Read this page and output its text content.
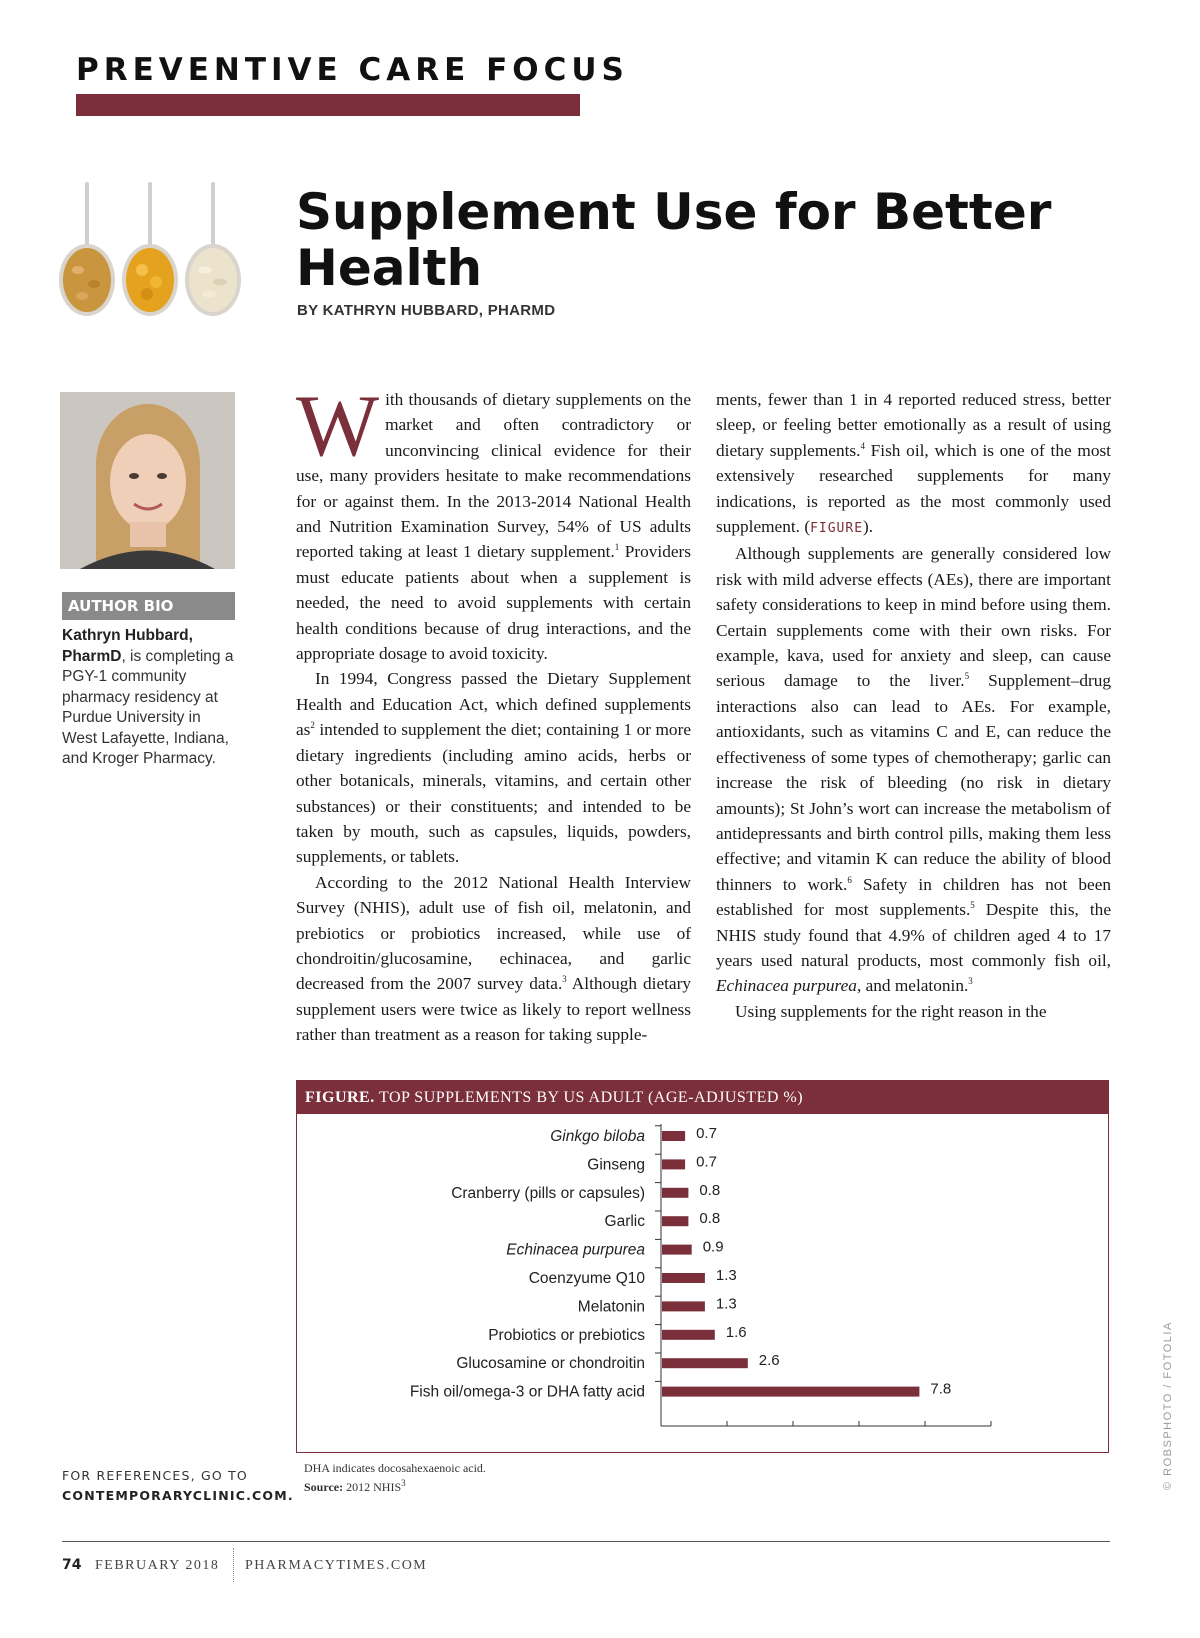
PREVENTIVE CARE FOCUS
Supplement Use for Better Health
BY KATHRYN HUBBARD, PHARMD
AUTHOR BIO
Kathryn Hubbard, PharmD, is completing a PGY-1 community pharmacy residency at Purdue University in West Lafayette, Indiana, and Kroger Pharmacy.

With thousands of dietary supplements on the market and often contradictory or unconvincing clinical evidence for their use, many providers hesitate to make recommendations for or against them. In the 2013-2014 National Health and Nutrition Examination Survey, 54% of US adults reported taking at least 1 dietary supplement.$^1$ Providers must educate patients about when a supplement is needed, the need to avoid supplements with certain health conditions because of drug interactions, and the appropriate dosage to avoid toxicity.

In 1994, Congress passed the Dietary Supplement Health and Education Act, which defined supplements $as^2$ intended to supplement the diet; containing 1 or more dietary ingredients (including amino acids, herbs or other botanicals, minerals, vitamins, and certain other substances) or their constituents; and intended to be taken by mouth, such as capsules, liquids, powders, supplements, or tablets.

According to the 2012 National Health Interview Survey (NHIS), adult use of fish oil, melatonin, and prebiotics or probiotics increased, while use of chondroitin/glucosamine, echinacea, and garlic decreased from the 2007 survey data.$^3$ Although dietary supplement users were twice as likely to report wellness rather than treatment as a reason for taking supple-

ments, fewer than 1 in 4 reported reduced stress, better sleep, or feeling better emotionally as a result of using dietary supplements.$^4$ Fish oil, which is one of the most extensively researched supplements for many indications, is reported as the most commonly used supplement. (FIGURE).

Although supplements are generally considered low risk with mild adverse effects (AEs), there are important safety considerations to keep in mind before using them. Certain supplements come with their own risks. For example, kava, used for anxiety and sleep, can cause serious damage to the liver.$^5$ Supplement–drug interactions also can lead to AEs. For example, antioxidants, such as vitamins C and E, can reduce the effectiveness of some types of chemotherapy; garlic can increase the risk of bleeding (no risk in dietary amounts); St John’s wort can increase the metabolism of antidepressants and birth control pills, making them less effective; and vitamin K can reduce the ability of blood thinners to work.$^6$ Safety in children has not been established for most supplements.$^5$ Despite this, the NHIS study found that 4.9% of children aged 4 to 17 years used natural products, most commonly fish oil, Echinacea purpurea, and melatonin.$^3$

Using supplements for the right reason in the

FIGURE. TOP SUPPLEMENTS BY US ADULT (AGE-ADJUSTED %)
Ginkgo biloba	0.7
Ginseng	0.7
Cranberry (pills or capsules)	0.8
Garlic	0.8
Echinacea purpurea	0.9
Coenzyume Q10	1.3
Melatonin	1.3
Probiotics or prebiotics	1.6
Glucosamine or chondroitin	2.6
Fish oil/omega-3 or DHA fatty acid	7.8
DHA indicates docosahexaenoic acid.
Source: 2012 NHIS$^3$
FOR REFERENCES, GO TO
CONTEMPORARYCLINIC.COM.
© ROBSPHOTO / FOTOLIA
74 FEBRUARY 2018 PHARMACYTIMES.COM
